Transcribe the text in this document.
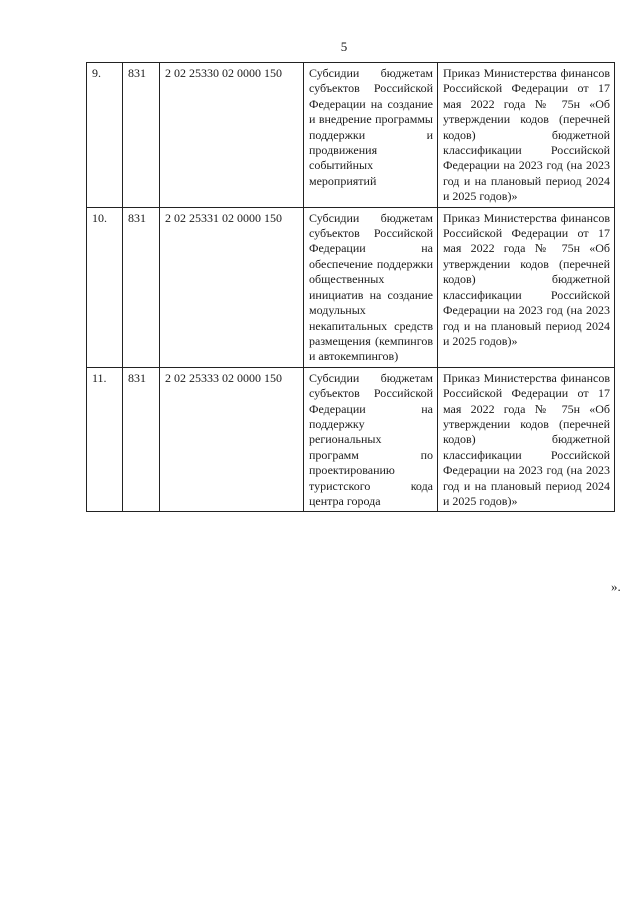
5
9.	831	2 02 25330 02 0000 150	Субсидии бюджетам субъектов Российской Федерации на создание и внедрение программы поддержки и продвижения событийных мероприятий	Приказ Министерства финансов Российской Федерации от 17 мая 2022 года № 75н «Об утверждении кодов (перечней кодов) бюджетной классификации Российской Федерации на 2023 год (на 2023 год и на плановый период 2024 и 2025 годов)»
10.	831	2 02 25331 02 0000 150	Субсидии бюджетам субъектов Российской Федерации на обеспечение поддержки общественных инициатив на создание модульных некапитальных средств размещения (кемпингов и автокемпингов)	Приказ Министерства финансов Российской Федерации от 17 мая 2022 года № 75н «Об утверждении кодов (перечней кодов) бюджетной классификации Российской Федерации на 2023 год (на 2023 год и на плановый период 2024 и 2025 годов)»
11.	831	2 02 25333 02 0000 150	Субсидии бюджетам субъектов Российской Федерации на поддержку региональных программ по проектированию туристского кода центра города	Приказ Министерства финансов Российской Федерации от 17 мая 2022 года № 75н «Об утверждении кодов (перечней кодов) бюджетной классификации Российской Федерации на 2023 год (на 2023 год и на плановый период 2024 и 2025 годов)»
».
